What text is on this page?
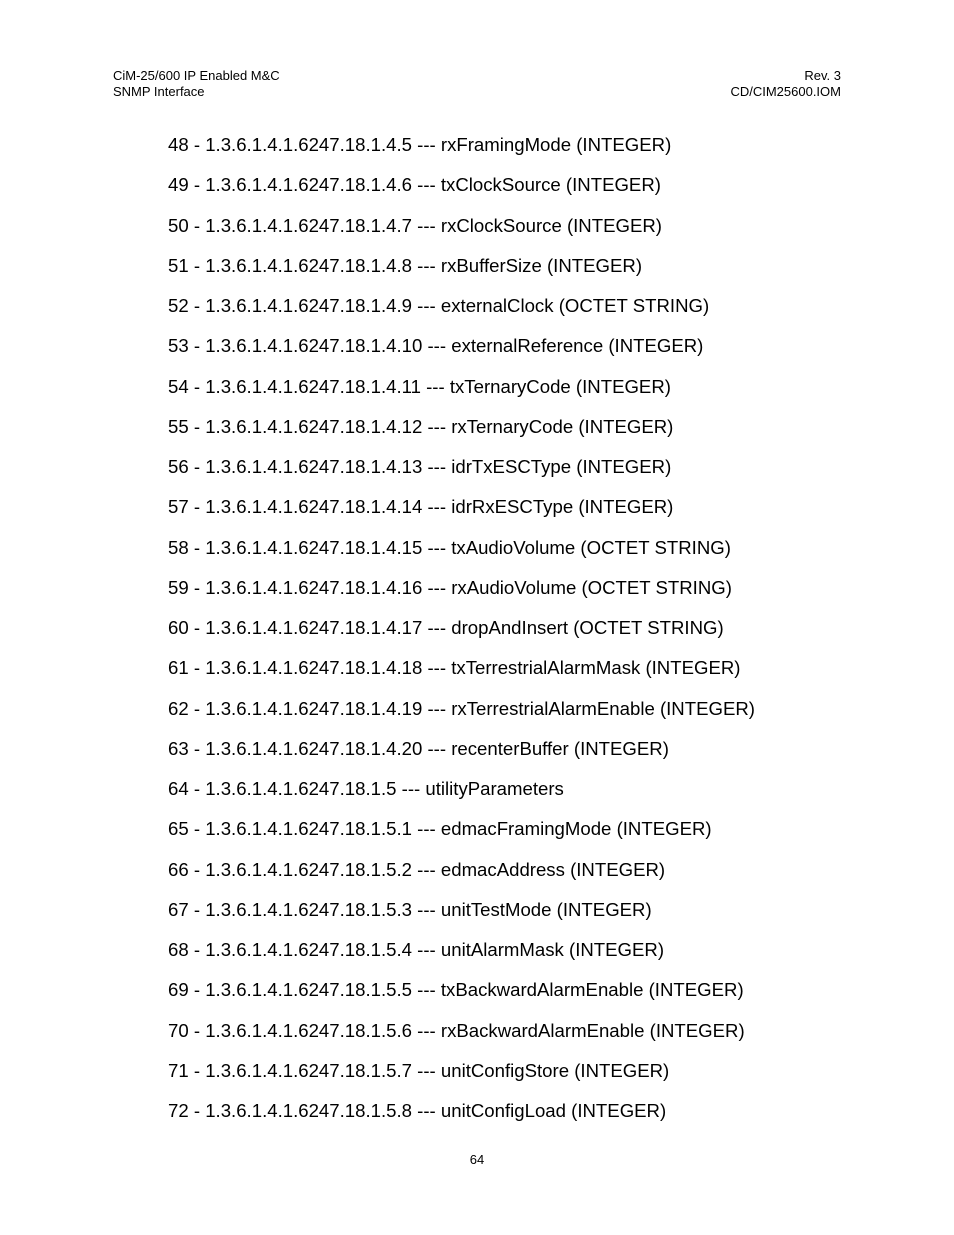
CiM-25/600 IP Enabled M&C
SNMP Interface
Rev. 3
CD/CIM25600.IOM
48 - 1.3.6.1.4.1.6247.18.1.4.5 --- rxFramingMode (INTEGER)
49 - 1.3.6.1.4.1.6247.18.1.4.6 --- txClockSource (INTEGER)
50 - 1.3.6.1.4.1.6247.18.1.4.7 --- rxClockSource (INTEGER)
51 - 1.3.6.1.4.1.6247.18.1.4.8 --- rxBufferSize (INTEGER)
52 - 1.3.6.1.4.1.6247.18.1.4.9 --- externalClock (OCTET STRING)
53 - 1.3.6.1.4.1.6247.18.1.4.10 --- externalReference (INTEGER)
54 - 1.3.6.1.4.1.6247.18.1.4.11 --- txTernaryCode (INTEGER)
55 - 1.3.6.1.4.1.6247.18.1.4.12 --- rxTernaryCode (INTEGER)
56 - 1.3.6.1.4.1.6247.18.1.4.13 --- idrTxESCType (INTEGER)
57 - 1.3.6.1.4.1.6247.18.1.4.14 --- idrRxESCType (INTEGER)
58 - 1.3.6.1.4.1.6247.18.1.4.15 --- txAudioVolume (OCTET STRING)
59 - 1.3.6.1.4.1.6247.18.1.4.16 --- rxAudioVolume (OCTET STRING)
60 - 1.3.6.1.4.1.6247.18.1.4.17 --- dropAndInsert (OCTET STRING)
61 - 1.3.6.1.4.1.6247.18.1.4.18 --- txTerrestrialAlarmMask (INTEGER)
62 - 1.3.6.1.4.1.6247.18.1.4.19 --- rxTerrestrialAlarmEnable (INTEGER)
63 - 1.3.6.1.4.1.6247.18.1.4.20 --- recenterBuffer (INTEGER)
64 - 1.3.6.1.4.1.6247.18.1.5 --- utilityParameters
65 - 1.3.6.1.4.1.6247.18.1.5.1 --- edmacFramingMode (INTEGER)
66 - 1.3.6.1.4.1.6247.18.1.5.2 --- edmacAddress (INTEGER)
67 - 1.3.6.1.4.1.6247.18.1.5.3 --- unitTestMode (INTEGER)
68 - 1.3.6.1.4.1.6247.18.1.5.4 --- unitAlarmMask (INTEGER)
69 - 1.3.6.1.4.1.6247.18.1.5.5 --- txBackwardAlarmEnable (INTEGER)
70 - 1.3.6.1.4.1.6247.18.1.5.6 --- rxBackwardAlarmEnable (INTEGER)
71 - 1.3.6.1.4.1.6247.18.1.5.7 --- unitConfigStore (INTEGER)
72 - 1.3.6.1.4.1.6247.18.1.5.8 --- unitConfigLoad (INTEGER)
64
